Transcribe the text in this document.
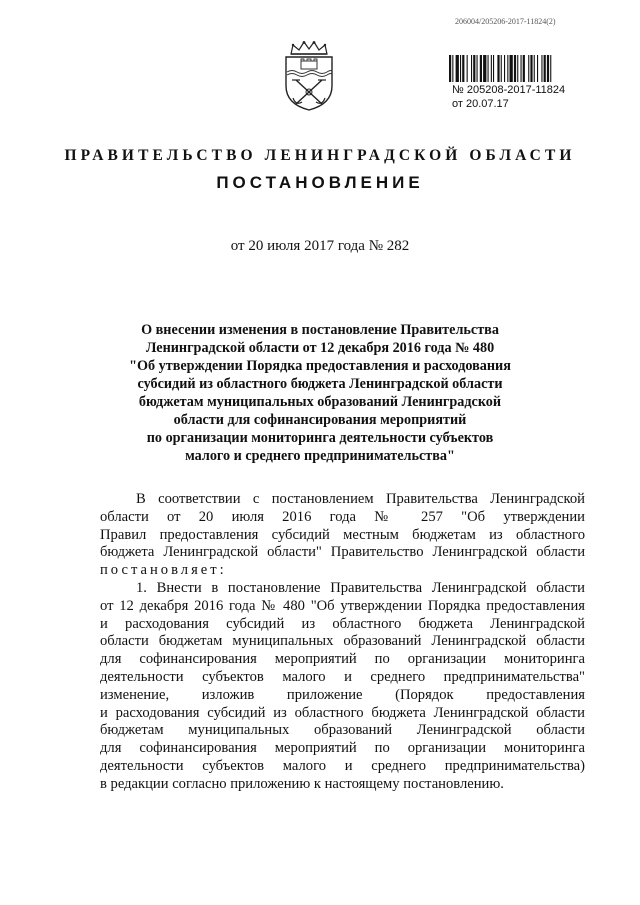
206004/205206-2017-11824(2)
№ 205208-2017-11824
от 20.07.17
ПРАВИТЕЛЬСТВО ЛЕНИНГРАДСКОЙ ОБЛАСТИ
ПОСТАНОВЛЕНИЕ
от 20 июля 2017 года № 282
О внесении изменения в постановление Правительства
Ленинградской области от 12 декабря 2016 года № 480
"Об утверждении Порядка предоставления и расходования
субсидий из областного бюджета Ленинградской области
бюджетам муниципальных образований Ленинградской
области для софинансирования мероприятий
по организации мониторинга деятельности субъектов
малого и среднего предпринимательства"

В соответствии с постановлением Правительства Ленинградской

области от 20 июля 2016 года № 257 "Об утверждении

Правил предоставления субсидий местным бюджетам из областного

бюджета Ленинградской области" Правительство Ленинградской области

постановляет:

1. Внести в постановление Правительства Ленинградской области

от 12 декабря 2016 года № 480 "Об утверждении Порядка предоставления

и расходования субсидий из областного бюджета Ленинградской

области бюджетам муниципальных образований Ленинградской области

для софинансирования мероприятий по организации мониторинга

деятельности субъектов малого и среднего предпринимательства"

изменение, изложив приложение (Порядок предоставления

и расходования субсидий из областного бюджета Ленинградской области

бюджетам муниципальных образований Ленинградской области

для софинансирования мероприятий по организации мониторинга

деятельности субъектов малого и среднего предпринимательства)

в редакции согласно приложению к настоящему постановлению.
